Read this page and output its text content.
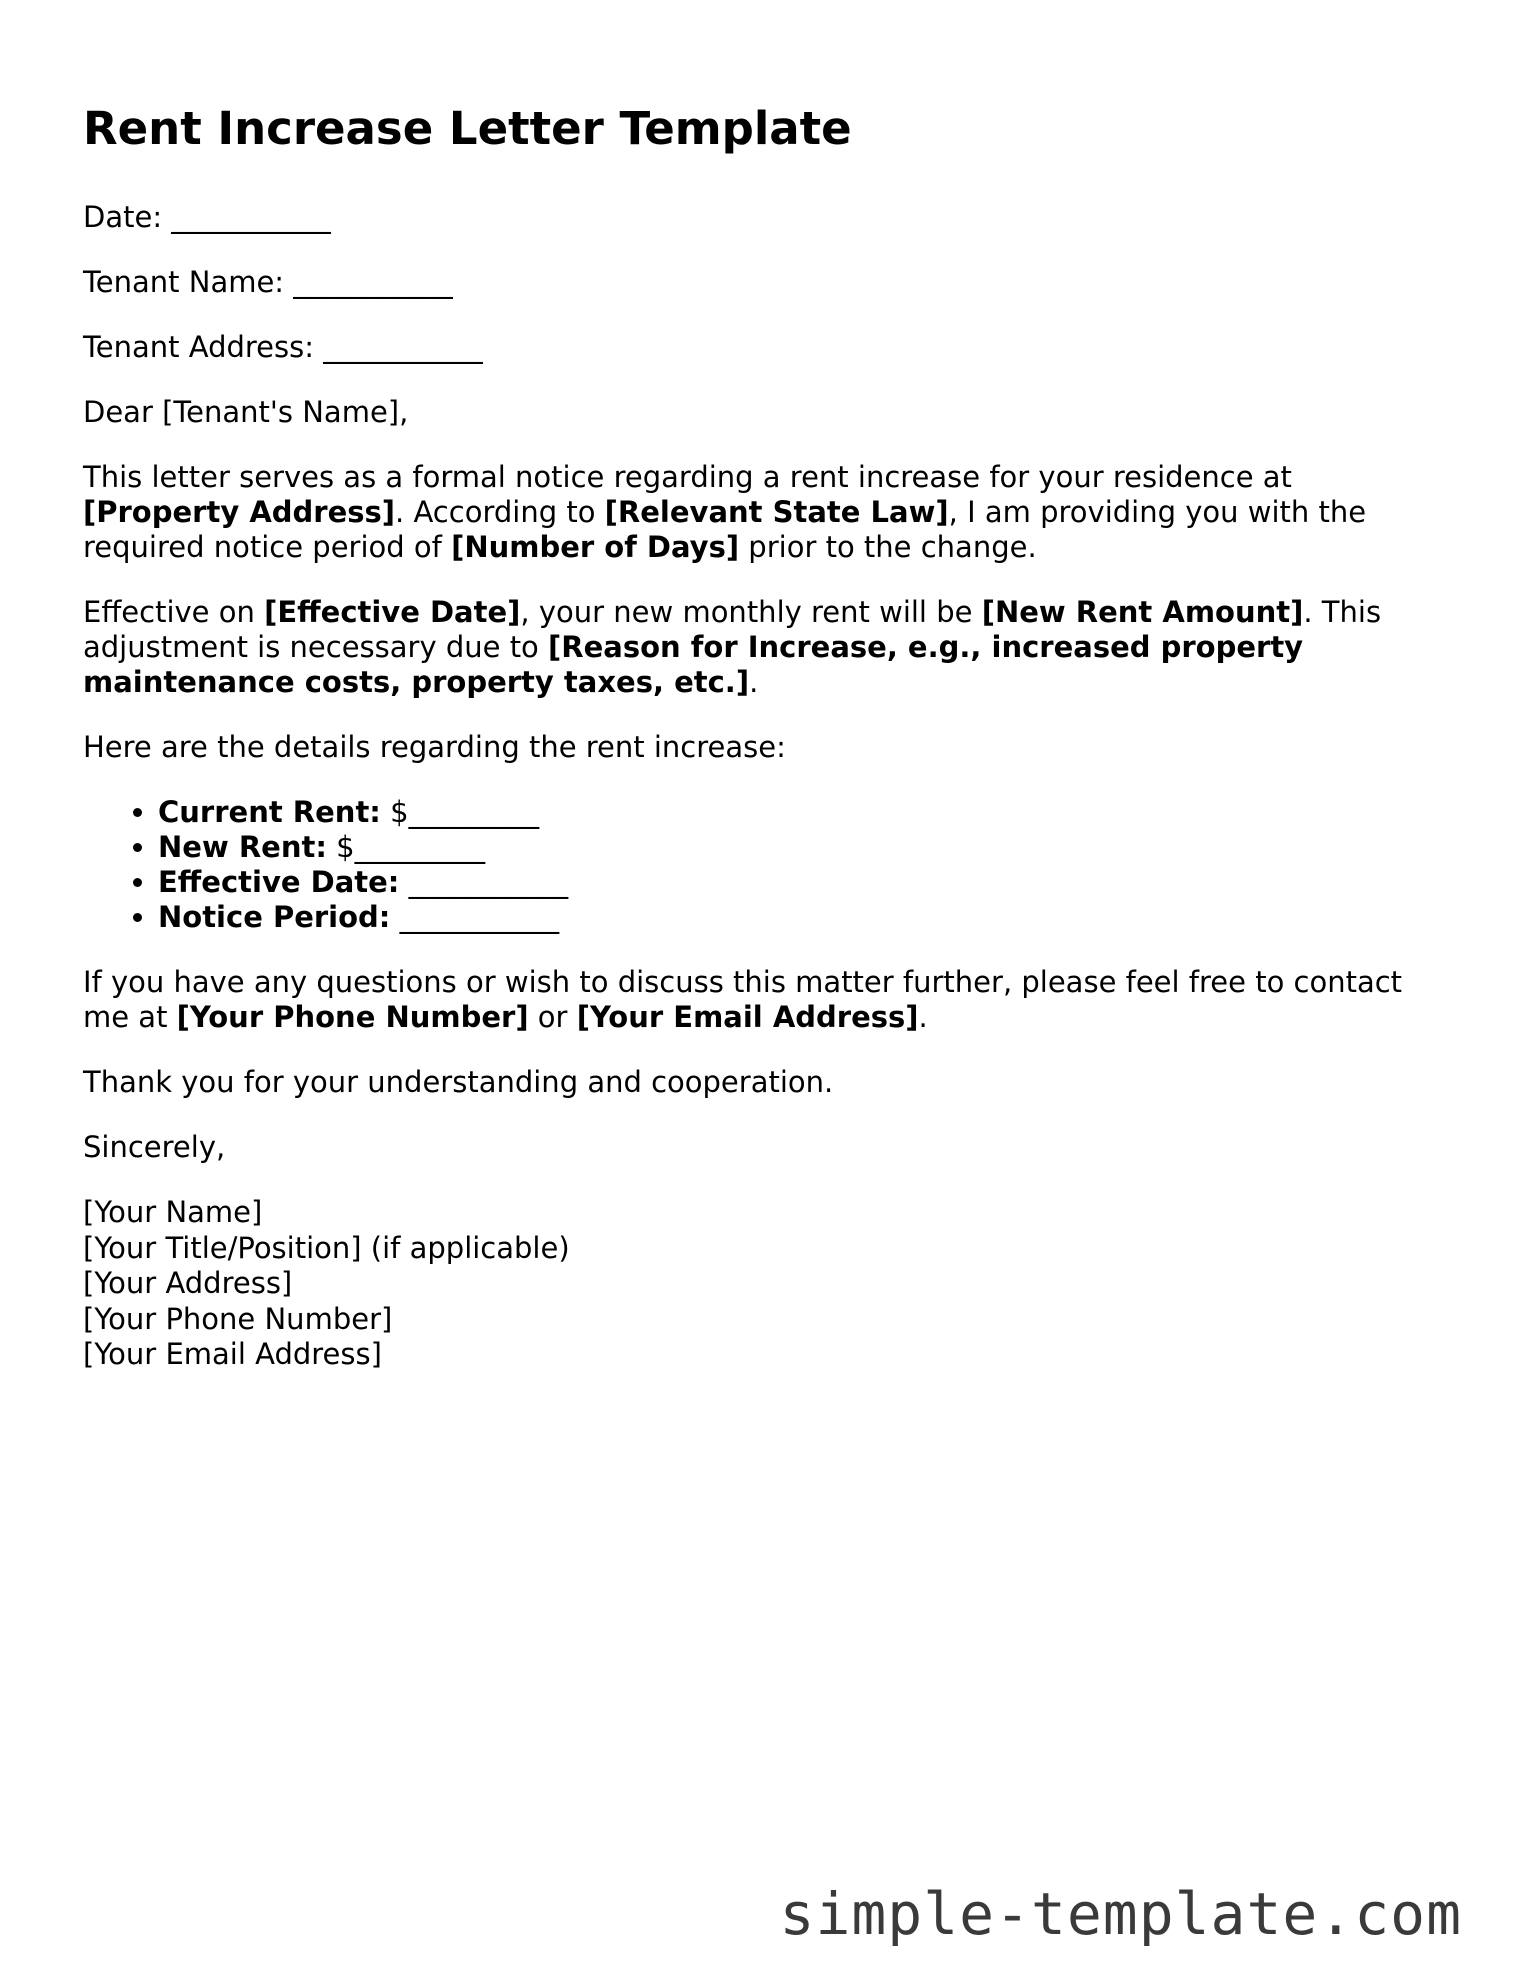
Rent Increase Letter Template

Date: ___________

Tenant Name: ___________

Tenant Address: ___________

Dear [Tenant's Name],

This letter serves as a formal notice regarding a rent increase for your residence at [Property Address]. According to [Relevant State Law], I am providing you with the required notice period of [Number of Days] prior to the change.

Effective on [Effective Date], your new monthly rent will be [New Rent Amount]. This adjustment is necessary due to [Reason for Increase, e.g., increased property maintenance costs, property taxes, etc.].

Here are the details regarding the rent increase:

• Current Rent: $_________
• New Rent: $_________
• Effective Date: ___________
• Notice Period: ___________

If you have any questions or wish to discuss this matter further, please feel free to contact me at [Your Phone Number] or [Your Email Address].

Thank you for your understanding and cooperation.

Sincerely,

[Your Name]
[Your Title/Position] (if applicable)
[Your Address]
[Your Phone Number]
[Your Email Address]
simple-template.com
